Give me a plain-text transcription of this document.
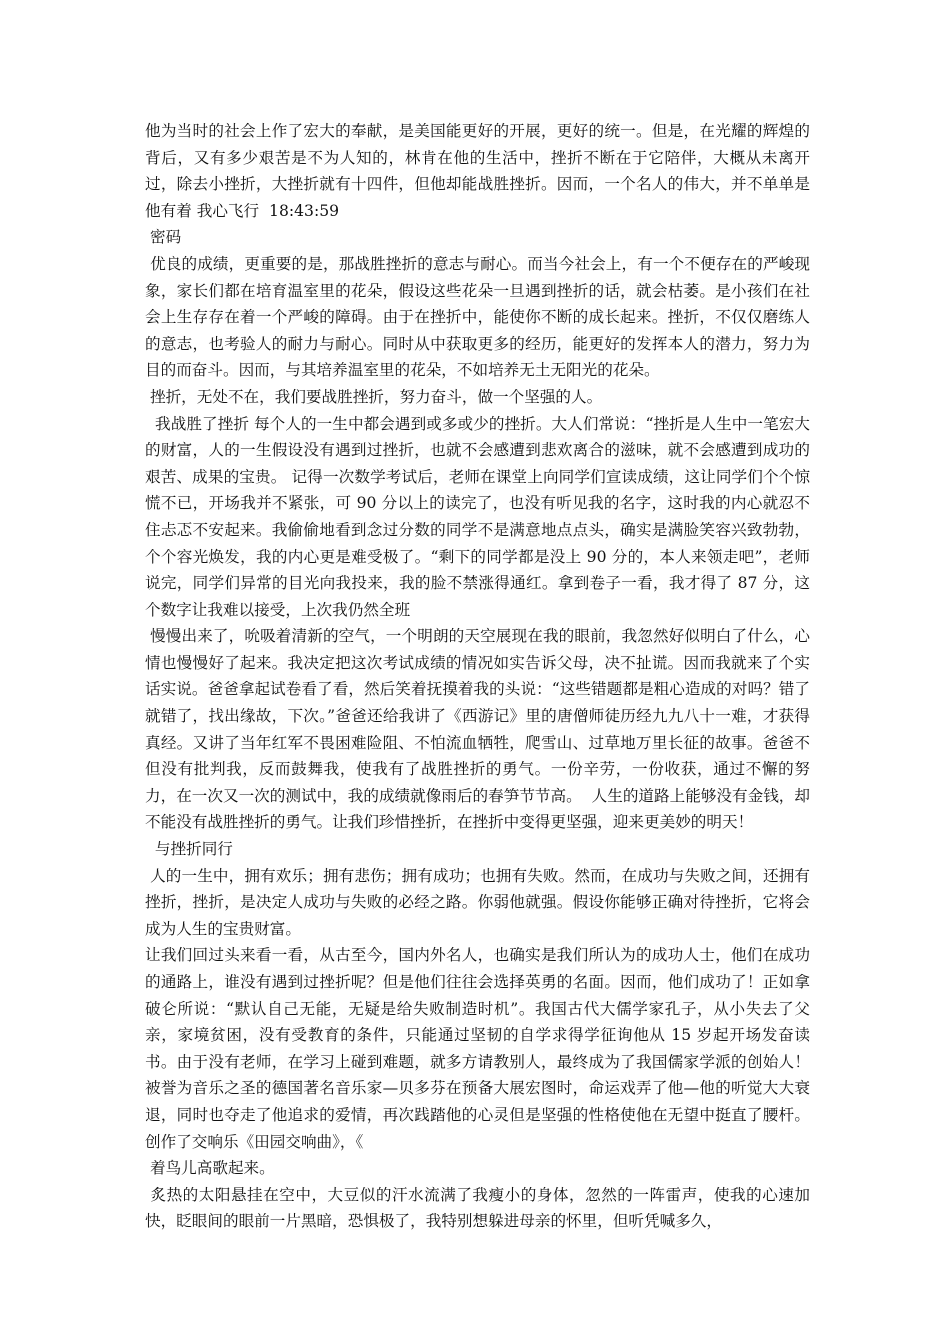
他为当时的社会上作了宏大的奉献，是美国能更好的开展，更好的统一。但是，在光耀的辉煌的背后，又有多少艰苦是不为人知的，林肯在他的生活中，挫折不断在于它陪伴，大概从未离开过，除去小挫折，大挫折就有十四件，但他却能战胜挫折。因而，一个名人的伟大，并不单单是他有着 我心飞行  18:43:59

密码

优良的成绩，更重要的是，那战胜挫折的意志与耐心。而当今社会上，有一个不便存在的严峻现象，家长们都在培育温室里的花朵，假设这些花朵一旦遇到挫折的话，就会枯萎。是小孩们在社会上生存存在着一个严峻的障碍。由于在挫折中，能使你不断的成长起来。挫折，不仅仅磨练人的意志，也考验人的耐力与耐心。同时从中获取更多的经历，能更好的发挥本人的潜力，努力为目的而奋斗。因而，与其培养温室里的花朵，不如培养无土无阳光的花朵。

挫折，无处不在，我们要战胜挫折，努力奋斗，做一个坚强的人。

我战胜了挫折 每个人的一生中都会遇到或多或少的挫折。大人们常说：“挫折是人生中一笔宏大的财富，人的一生假设没有遇到过挫折，也就不会感遭到悲欢离合的滋味，就不会感遭到成功的艰苦、成果的宝贵。 记得一次数学考试后，老师在课堂上向同学们宣读成绩，这让同学们个个惊慌不已，开场我并不紧张，可 90 分以上的读完了，也没有听见我的名字，这时我的内心就忍不住忐忑不安起来。我偷偷地看到念过分数的同学不是满意地点点头，确实是满脸笑容兴致勃勃，个个容光焕发，我的内心更是难受极了。“剩下的同学都是没上 90 分的，本人来领走吧”，老师说完，同学们异常的目光向我投来，我的脸不禁涨得通红。拿到卷子一看，我才得了 87 分，这个数字让我难以接受，上次我仍然全班

慢慢出来了，吮吸着清新的空气，一个明朗的天空展现在我的眼前，我忽然好似明白了什么，心情也慢慢好了起来。我决定把这次考试成绩的情况如实告诉父母，决不扯谎。因而我就来了个实话实说。爸爸拿起试卷看了看，然后笑着抚摸着我的头说：“这些错题都是粗心造成的对吗？错了就错了，找出缘故，下次。”爸爸还给我讲了《西游记》里的唐僧师徒历经九九八十一难，才获得真经。又讲了当年红军不畏困难险阻、不怕流血牺牲，爬雪山、过草地万里长征的故事。爸爸不但没有批判我，反而鼓舞我，使我有了战胜挫折的勇气。一份辛劳，一份收获，通过不懈的努力，在一次又一次的测试中，我的成绩就像雨后的春笋节节高。  人生的道路上能够没有金钱，却不能没有战胜挫折的勇气。让我们珍惜挫折，在挫折中变得更坚强，迎来更美妙的明天！

与挫折同行

人的一生中，拥有欢乐；拥有悲伤；拥有成功；也拥有失败。然而，在成功与失败之间，还拥有挫折，挫折，是决定人成功与失败的必经之路。你弱他就强。假设你能够正确对待挫折，它将会成为人生的宝贵财富。

让我们回过头来看一看，从古至今，国内外名人，也确实是我们所认为的成功人士，他们在成功的通路上，谁没有遇到过挫折呢？但是他们往往会选择英勇的名面。因而，他们成功了！正如拿破仑所说：“默认自己无能，无疑是给失败制造时机”。我国古代大儒学家孔子，从小失去了父亲，家境贫困，没有受教育的条件，只能通过坚韧的自学求得学征询他从 15 岁起开场发奋读书。由于没有老师，在学习上碰到难题，就多方请教别人，最终成为了我国儒家学派的创始人！ 被誉为音乐之圣的德国著名音乐家—贝多芬在预备大展宏图时，命运戏弄了他—他的听觉大大衰退，同时也夺走了他追求的爱情，再次践踏他的心灵但是坚强的性格使他在无望中挺直了腰杆。创作了交响乐《田园交响曲》，《

着鸟儿高歌起来。

炙热的太阳悬挂在空中，大豆似的汗水流满了我瘦小的身体，忽然的一阵雷声，使我的心速加快，眨眼间的眼前一片黑暗，恐惧极了，我特别想躲进母亲的怀里，但听凭喊多久，
